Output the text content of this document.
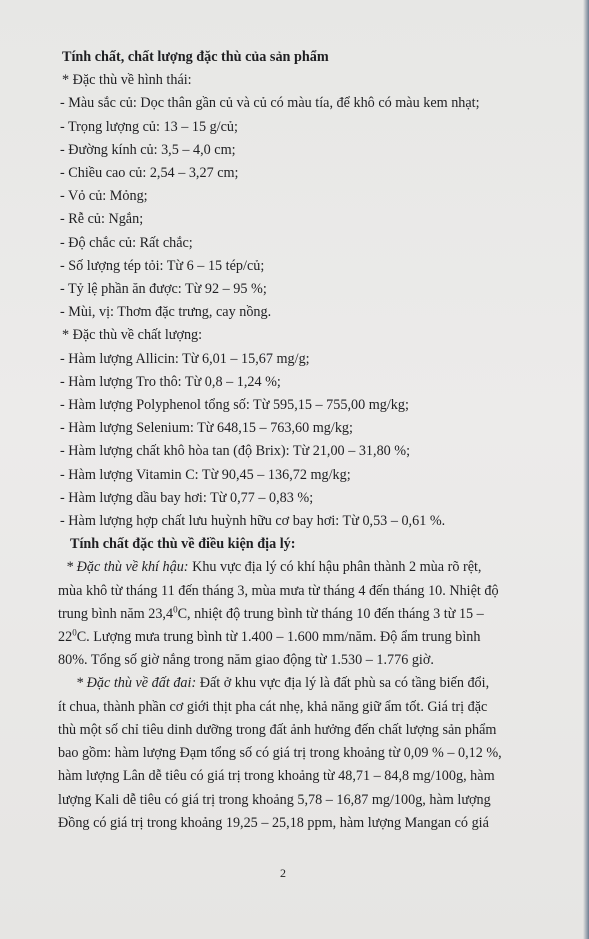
Tính chất, chất lượng đặc thù của sản phẩm
* Đặc thù về hình thái:
- Màu sắc củ: Dọc thân gần củ và củ có màu tía, để khô có màu kem nhạt;
- Trọng lượng củ: 13 – 15 g/củ;
- Đường kính củ: 3,5 – 4,0 cm;
- Chiều cao củ: 2,54 – 3,27 cm;
- Vỏ củ: Mỏng;
- Rễ củ: Ngắn;
- Độ chắc củ: Rất chắc;
- Số lượng tép tỏi: Từ 6 – 15 tép/củ;
- Tỷ lệ phần ăn được: Từ 92 – 95 %;
- Mùi, vị: Thơm đặc trưng, cay nồng.
* Đặc thù về chất lượng:
- Hàm lượng Allicin: Từ 6,01 – 15,67 mg/g;
- Hàm lượng Tro thô: Từ 0,8 – 1,24 %;
- Hàm lượng Polyphenol tổng số: Từ 595,15 – 755,00 mg/kg;
- Hàm lượng Selenium: Từ 648,15 – 763,60 mg/kg;
- Hàm lượng chất khô hòa tan (độ Brix): Từ 21,00 – 31,80 %;
- Hàm lượng Vitamin C: Từ 90,45 – 136,72 mg/kg;
- Hàm lượng dầu bay hơi: Từ 0,77 – 0,83 %;
- Hàm lượng hợp chất lưu huỳnh hữu cơ bay hơi: Từ 0,53 – 0,61 %.
Tính chất đặc thù về điều kiện địa lý:
* Đặc thù về khí hậu: Khu vực địa lý có khí hậu phân thành 2 mùa rõ rệt,
mùa khô từ tháng 11 đến tháng 3, mùa mưa từ tháng 4 đến tháng 10. Nhiệt độ
trung bình năm 23,4$^0$C, nhiệt độ trung bình từ tháng 10 đến tháng 3 từ 15 –
$22^0C$. Lượng mưa trung bình từ 1.400 – 1.600 mm/năm. Độ ẩm trung bình
80%. Tổng số giờ nắng trong năm giao động từ 1.530 – 1.776 giờ.
* Đặc thù về đất đai: Đất ở khu vực địa lý là đất phù sa có tầng biến đổi,
ít chua, thành phần cơ giới thịt pha cát nhẹ, khả năng giữ ẩm tốt. Giá trị đặc
thù một số chỉ tiêu dinh dưỡng trong đất ảnh hưởng đến chất lượng sản phẩm
bao gồm: hàm lượng Đạm tổng số có giá trị trong khoảng từ 0,09 % – 0,12 %,
hàm lượng Lân dễ tiêu có giá trị trong khoảng từ 48,71 – 84,8 mg/100g, hàm
lượng Kali dễ tiêu có giá trị trong khoảng 5,78 – 16,87 mg/100g, hàm lượng
Đồng có giá trị trong khoảng 19,25 – 25,18 ppm, hàm lượng Mangan có giá
2
